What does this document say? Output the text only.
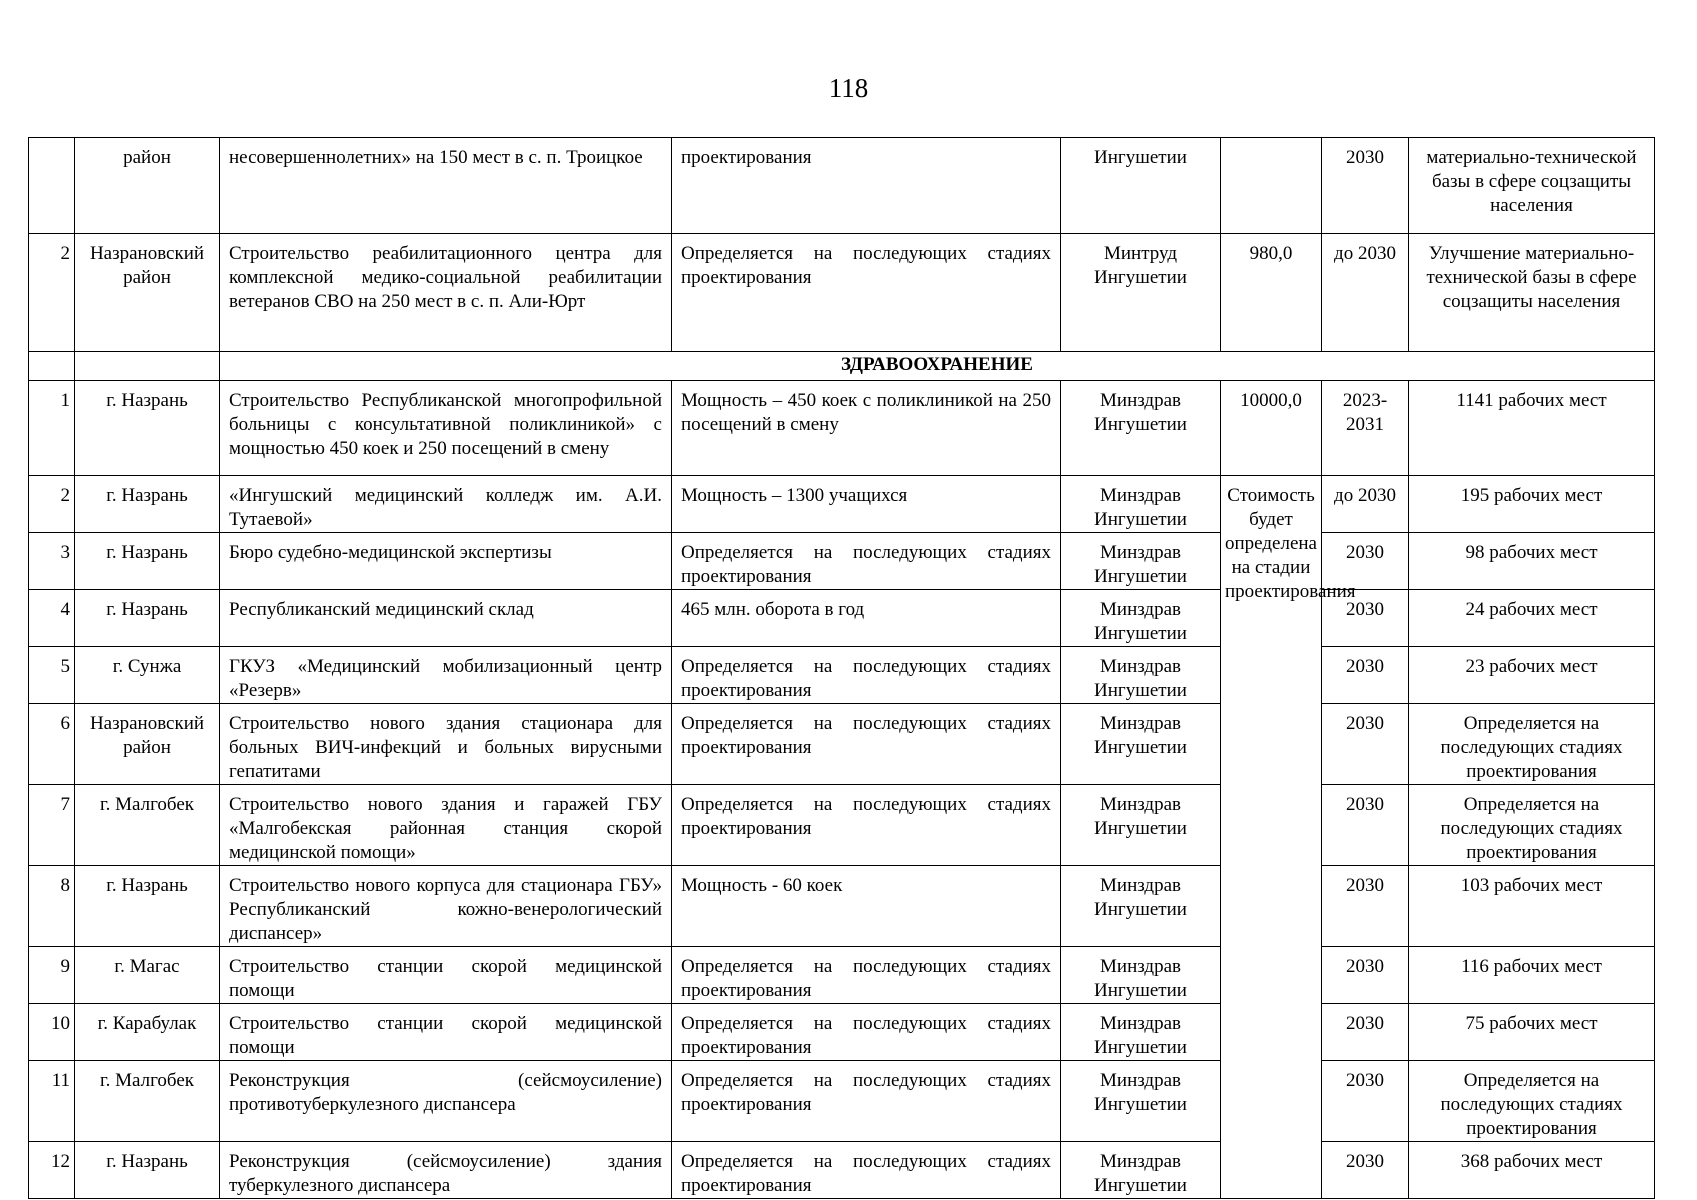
118
	район	несовершеннолетних» на 150 мест в с. п. Троицкое	проектирования	Ингушетии		2030	материально-технической базы в сфере соцзащиты населения
2	Назрановский район	Строительство реабилитационного центра для комплексной медико-социальной реабилитации ветеранов СВО на 250 мест в с. п. Али-Юрт	Определяется на последующих стадиях проектирования	Минтруд Ингушетии	980,0	до 2030	Улучшение материально-технической базы в сфере соцзащиты населения
		ЗДРАВООХРАНЕНИЕ					
1	г. Назрань	Строительство Республиканской многопрофильной больницы с консультативной поликлиникой» с мощностью 450 коек и 250 посещений в смену	Мощность – 450 коек с поликлиникой на 250 посещений в смену	Минздрав Ингушетии	10000,0	2023-2031	1141 рабочих мест
2	г. Назрань	«Ингушский медицинский колледж им. А.И. Тутаевой»	Мощность – 1300 учащихся	Минздрав Ингушетии	Стоимость будет определена на стадии проектирования	до 2030	195 рабочих мест
3	г. Назрань	Бюро судебно-медицинской экспертизы	Определяется на последующих стадиях проектирования	Минздрав Ингушетии		2030	98 рабочих мест
4	г. Назрань	Республиканский медицинский склад	465 млн. оборота в год	Минздрав Ингушетии		2030	24 рабочих мест
5	г. Сунжа	ГКУЗ «Медицинский мобилизационный центр «Резерв»	Определяется на последующих стадиях проектирования	Минздрав Ингушетии		2030	23 рабочих мест
6	Назрановский район	Строительство нового здания стационара для больных ВИЧ-инфекций и больных вирусными гепатитами	Определяется на последующих стадиях проектирования	Минздрав Ингушетии		2030	Определяется на последующих стадиях проектирования
7	г. Малгобек	Строительство нового здания и гаражей ГБУ «Малгобекская районная станция скорой медицинской помощи»	Определяется на последующих стадиях проектирования	Минздрав Ингушетии		2030	Определяется на последующих стадиях проектирования
8	г. Назрань	Строительство нового корпуса для стационара ГБУ» Республиканский кожно-венерологический диспансер»	Мощность - 60 коек	Минздрав Ингушетии		2030	103 рабочих мест
9	г. Магас	Строительство станции скорой медицинской помощи	Определяется на последующих стадиях проектирования	Минздрав Ингушетии		2030	116 рабочих мест
10	г. Карабулак	Строительство станции скорой медицинской помощи	Определяется на последующих стадиях проектирования	Минздрав Ингушетии		2030	75 рабочих мест
11	г. Малгобек	Реконструкция (сейсмоусиление) противотуберкулезного диспансера	Определяется на последующих стадиях проектирования	Минздрав Ингушетии		2030	Определяется на последующих стадиях проектирования
12	г. Назрань	Реконструкция (сейсмоусиление) здания туберкулезного диспансера	Определяется на последующих стадиях проектирования	Минздрав Ингушетии		2030	368 рабочих мест
